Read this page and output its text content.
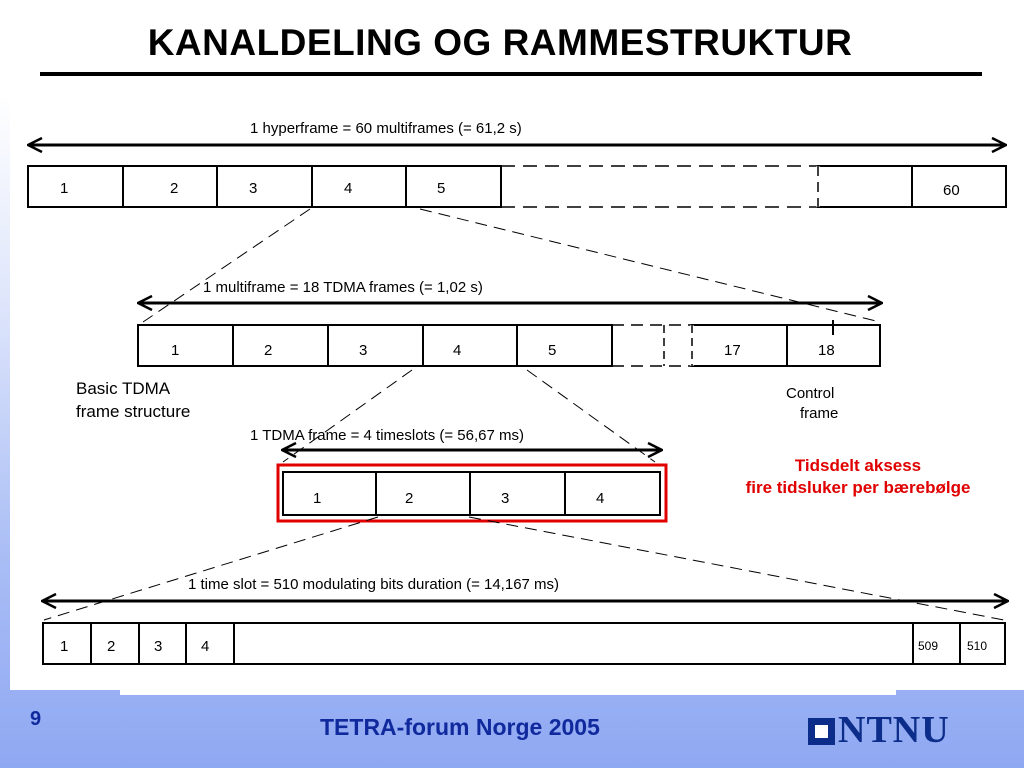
KANALDELING OG RAMMESTRUKTUR
1 hyperframe = 60 multiframes (= 61,2 s)
1	2	3	4	5	60
1 multiframe = 18 TDMA frames (= 1,02 s)
1	2	3	4	5	17	18
Basic TDMA
frame structure
Control
frame
1 TDMA frame = 4 timeslots (= 56,67 ms)
1	2	3	4
1 time slot = 510 modulating bits duration (= 14,167 ms)
1	2	3	4	509 510
Tidsdelt aksess
fire tidsluker per bærebølge
9	TETRA-forum Norge 2005	NTNU
